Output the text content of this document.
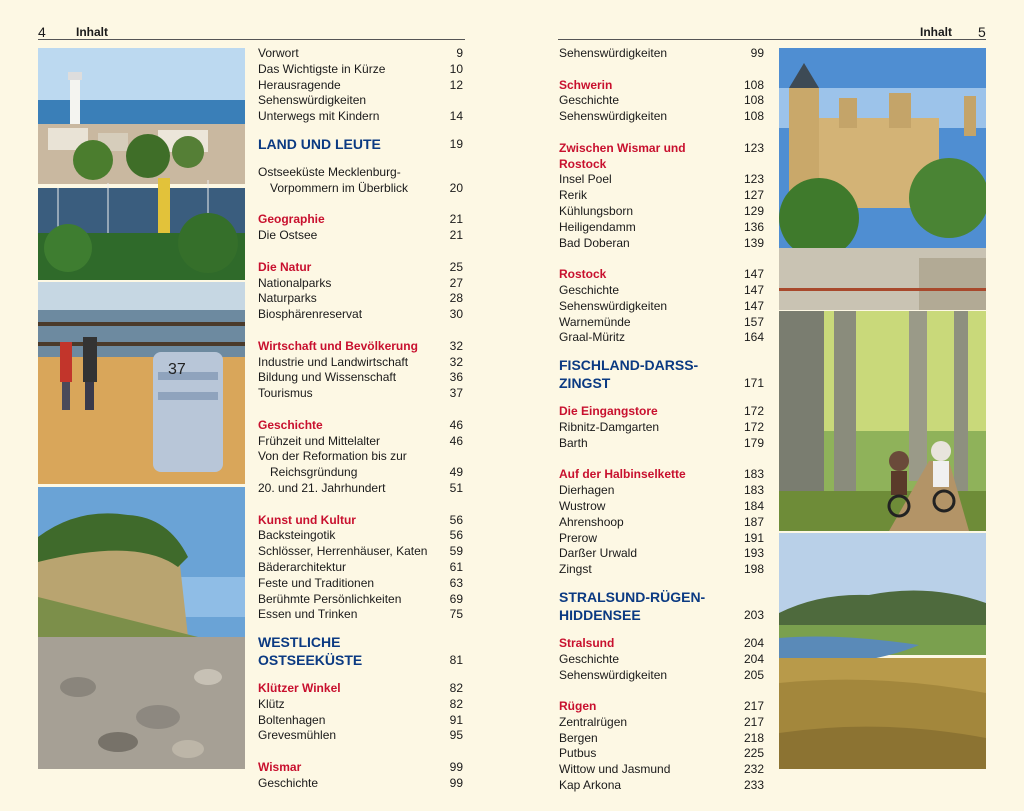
4	Inhalt	Inhalt 5
37
Vorwort	9
Das Wichtigste in Kürze	10
Herausragende Sehenswürdigkeiten
12
Unterwegs mit Kindern	14
LAND UND LEUTE	19
Ostseeküste Mecklenburg-
Vorpommern im Überblick	20
Geographie	21
Die Ostsee	21
Die Natur	25
Nationalparks	27
Naturparks	28
Biosphärenreservat	30
Wirtschaft und Bevölkerung	32
Industrie und Landwirtschaft	32
Bildung und Wissenschaft	36
Tourismus	37
Geschichte	46
Frühzeit und Mittelalter	46
Von der Reformation bis zur
Reichsgründung	49
20. und 21. Jahrhundert	51
Kunst und Kultur	56
Backsteingotik	56
Schlösser, Herrenhäuser, Katen	59
Bäderarchitektur	61
Feste und Traditionen	63
Berühmte Persönlichkeiten	69
Essen und Trinken	75
WESTLICHE OSTSEEKÜSTE	81
Klützer Winkel	82
Klütz	82
Boltenhagen	91
Grevesmühlen	95
Wismar	99
Geschichte	99
Sehenswürdigkeiten	99
Schwerin	108
Geschichte	108
Sehenswürdigkeiten	108
Zwischen Wismar und Rostock
123
Insel Poel	123
Rerik	127
Kühlungsborn	129
Heiligendamm	136
Bad Doberan	139
Rostock	147
Geschichte	147
Sehenswürdigkeiten	147
Warnemünde	157
Graal-Müritz	164
FISCHLAND-DARSS-ZINGST	171
Die Eingangstore	172
Ribnitz-Damgarten	172
Barth	179
Auf der Halbinselkette	183
Dierhagen	183
Wustrow	184
Ahrenshoop	187
Prerow	191
Darßer Urwald	193
Zingst	198
STRALSUND-RÜGEN-
HIDDENSEE	203
Stralsund	204
Geschichte	204
Sehenswürdigkeiten	205
Rügen	217
Zentralrügen	217
Bergen	218
Putbus	225
Wittow und Jasmund	232
Kap Arkona	233
